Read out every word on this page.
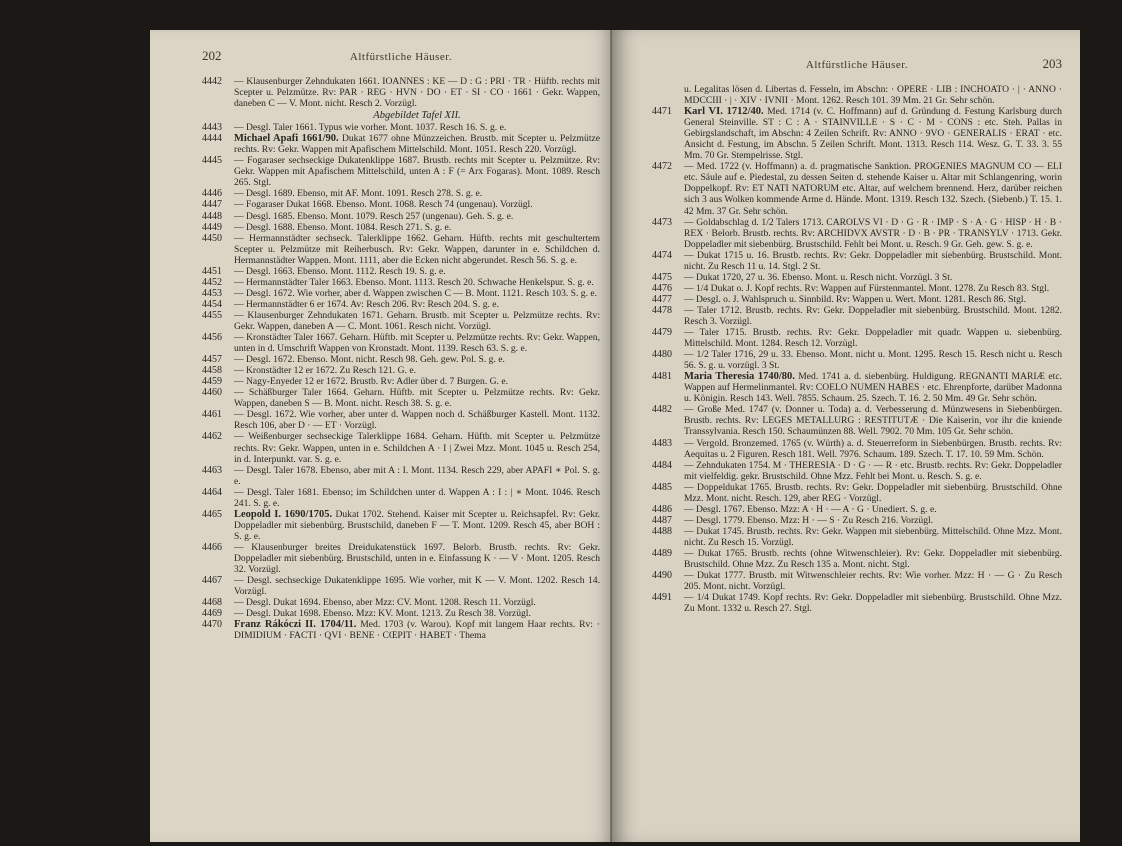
202	Altfürstliche Häuser.
4442	— Klausenburger Zehndukaten 1661. IOANNES : KE — D : G : PRI · TR · Hüftb. rechts mit Scepter u. Pelzmütze. Rv: PAR · REG · HVN · DO · ET · SI · CO · 1661 · Gekr. Wappen, daneben C — V. Mont. nicht. Resch 2. Vorzügl.
Abgebildet Tafel XII.
4443	— Desgl. Taler 1661. Typus wie vorher. Mont. 1037. Resch 16. S. g. e.
4444	Michael Apafi 1661/90. Dukat 1677 ohne Münzzeichen. Brustb. mit Scepter u. Pelzmütze rechts. Rv: Gekr. Wappen mit Apafischem Mittelschild. Mont. 1051. Resch 220. Vorzügl.
4445	— Fogaraser sechseckige Dukatenklippe 1687. Brustb. rechts mit Scepter u. Pelzmütze. Rv: Gekr. Wappen mit Apafischem Mittelschild, unten A : F (= Arx Fogaras). Mont. 1089. Resch 265. Stgl.
4446	— Desgl. 1689. Ebenso, mit AF. Mont. 1091. Resch 278. S. g. e.
4447	— Fogaraser Dukat 1668. Ebenso. Mont. 1068. Resch 74 (ungenau). Vorzügl.
4448	— Desgl. 1685. Ebenso. Mont. 1079. Resch 257 (ungenau). Geh. S. g. e.
4449	— Desgl. 1688. Ebenso. Mont. 1084. Resch 271. S. g. e.
4450	— Hermannstädter sechseck. Talerklippe 1662. Geharn. Hüftb. rechts mit geschultertem Scepter u. Pelzmütze mit Reiherbusch. Rv: Gekr. Wappen, darunter in e. Schildchen d. Hermannstädter Wappen. Mont. 1111, aber die Ecken nicht abgerundet. Resch 56. S. g. e.
4451	— Desgl. 1663. Ebenso. Mont. 1112. Resch 19. S. g. e.
4452	— Hermannstädter Taler 1663. Ebenso. Mont. 1113. Resch 20. Schwache Henkelspur. S. g. e.
4453	— Desgl. 1672. Wie vorher, aber d. Wappen zwischen C — B. Mont. 1121. Resch 103. S. g. e.
4454	— Hermannstädter 6 er 1674. Av: Resch 206. Rv: Resch 204. S. g. e.
4455	— Klausenburger Zehndukaten 1671. Geharn. Brustb. mit Scepter u. Pelzmütze rechts. Rv: Gekr. Wappen, daneben A — C. Mont. 1061. Resch nicht. Vorzügl.
4456	— Kronstädter Taler 1667. Geharn. Hüftb. mit Scepter u. Pelzmütze rechts. Rv: Gekr. Wappen, unten in d. Umschrift Wappen von Kronstadt. Mont. 1139. Resch 63. S. g. e.
4457	— Desgl. 1672. Ebenso. Mont. nicht. Resch 98. Geh. gew. Pol. S. g. e.
4458	— Kronstädter 12 er 1672. Zu Resch 121. G. e.
4459	— Nagy-Enyeder 12 er 1672. Brustb. Rv: Adler über d. 7 Burgen. G. e.
4460	— Schäßburger Taler 1664. Geharn. Hüftb. mit Scepter u. Pelzmütze rechts. Rv: Gekr. Wappen, daneben S — B. Mont. nicht. Resch 38. S. g. e.
4461	— Desgl. 1672. Wie vorher, aber unter d. Wappen noch d. Schäßburger Kastell. Mont. 1132. Resch 106, aber D · — ET · Vorzügl.
4462	— Weißenburger sechseckige Talerklippe 1684. Geharn. Hüftb. mit Scepter u. Pelzmütze rechts. Rv: Gekr. Wappen, unten in e. Schildchen A · I | Zwei Mzz. Mont. 1045 u. Resch 254, in d. Interpunkt. var. S. g. e.
4463	— Desgl. Taler 1678. Ebenso, aber mit A : I. Mont. 1134. Resch 229, aber APAFI ∗ Pol. S. g. e.
4464	— Desgl. Taler 1681. Ebenso; im Schildchen unter d. Wappen A : I : | ∗ Mont. 1046. Resch 241. S. g. e.
4465	Leopold I. 1690/1705. Dukat 1702. Stehend. Kaiser mit Scepter u. Reichsapfel. Rv: Gekr. Doppeladler mit siebenbürg. Brustschild, daneben F — T. Mont. 1209. Resch 45, aber BOH : S. g. e.
4466	— Klausenburger breites Dreidukatenstück 1697. Belorb. Brustb. rechts. Rv: Gekr. Doppeladler mit siebenbürg. Brustschild, unten in e. Einfassung K · — V · Mont. 1205. Resch 32. Vorzügl.
4467	— Desgl. sechseckige Dukatenklippe 1695. Wie vorher, mit K — V. Mont. 1202. Resch 14. Vorzügl.
4468	— Desgl. Dukat 1694. Ebenso, aber Mzz: CV. Mont. 1208. Resch 11. Vorzügl.
4469	— Desgl. Dukat 1698. Ebenso. Mzz: KV. Mont. 1213. Zu Resch 38. Vorzügl.
4470	Franz Rákóczi II. 1704/11. Med. 1703 (v. Warou). Kopf mit langem Haar rechts. Rv: · DIMIDIUM · FACTI · QVI · BENE · CŒPIT · HABET · Thema
Altfürstliche Häuser.	203
u. Legalitas lösen d. Libertas d. Fesseln, im Abschn: · OPERE · LIB : INCHOATO · | · ANNO · MDCCIII · | · XIV · IVNII · Mont. 1262. Resch 101. 39 Mm. 21 Gr. Sehr schön.
4471	Karl VI. 1712/40. Med. 1714 (v. C. Hoffmann) auf d. Gründung d. Festung Karlsburg durch General Steinville. ST : C : A · STAINVILLE · S · C · M · CONS : etc. Steh. Pallas in Gebirgslandschaft, im Abschn: 4 Zeilen Schrift. Rv: ANNO · 9VO · GENERALIS · ERAT · etc. Ansicht d. Festung, im Abschn. 5 Zeilen Schrift. Mont. 1313. Resch 114. Wesz. G. T. 33. 3. 55 Mm. 70 Gr. Stempelrisse. Stgl.
4472	— Med. 1722 (v. Hoffmann) a. d. pragmatische Sanktion. PROGENIES MAGNUM CO — ELI etc. Säule auf e. Piedestal, zu dessen Seiten d. stehende Kaiser u. Altar mit Schlangenring, worin Doppelkopf. Rv: ET NATI NATORUM etc. Altar, auf welchem brennend. Herz, darüber reichen sich 3 aus Wolken kommende Arme d. Hände. Mont. 1319. Resch 132. Szech. (Siebenb.) T. 15. 1. 42 Mm. 37 Gr. Sehr schön.
4473	— Goldabschlag d. 1/2 Talers 1713. CAROLVS VI · D · G · R · IMP · S · A · G · HISP · H · B · REX · Belorb. Brustb. rechts. Rv: ARCHIDVX AVSTR · D · B · PR · TRANSYLV · 1713. Gekr. Doppeladler mit siebenbürg. Brustschild. Fehlt bei Mont. u. Resch. 9 Gr. Geh. gew. S. g. e.
4474	— Dukat 1715 u. 16. Brustb. rechts. Rv: Gekr. Doppeladler mit siebenbürg. Brustschild. Mont. nicht. Zu Resch 11 u. 14. Stgl. 2 St.
4475	— Dukat 1720, 27 u. 36. Ebenso. Mont. u. Resch nicht. Vorzügl. 3 St.
4476	— 1/4 Dukat o. J. Kopf rechts. Rv: Wappen auf Fürstenmantel. Mont. 1278. Zu Resch 83. Stgl.
4477	— Desgl. o. J. Wahlspruch u. Sinnbild. Rv: Wappen u. Wert. Mont. 1281. Resch 86. Stgl.
4478	— Taler 1712. Brustb. rechts. Rv: Gekr. Doppeladler mit siebenbürg. Brustschild. Mont. 1282. Resch 3. Vorzügl.
4479	— Taler 1715. Brustb. rechts. Rv: Gekr. Doppeladler mit quadr. Wappen u. siebenbürg. Mittelschild. Mont. 1284. Resch 12. Vorzügl.
4480	— 1/2 Taler 1716, 29 u. 33. Ebenso. Mont. nicht u. Mont. 1295. Resch 15. Resch nicht u. Resch 56. S. g. u. vorzügl. 3 St.
4481	Maria Theresia 1740/80. Med. 1741 a. d. siebenbürg. Huldigung. REGNANTI MARIÆ etc. Wappen auf Hermelinmantel. Rv: COELO NUMEN HABES · etc. Ehrenpforte, darüber Madonna u. Königin. Resch 143. Well. 7855. Schaum. 25. Szech. T. 16. 2. 50 Mm. 49 Gr. Sehr schön.
4482	— Große Med. 1747 (v. Donner u. Toda) a. d. Verbesserung d. Münzwesens in Siebenbürgen. Brustb. rechts. Rv: LEGES METALLURG : RESTITUTÆ · Die Kaiserin, vor ihr die kniende Transsylvania. Resch 150. Schaumünzen 88. Well. 7902. 70 Mm. 105 Gr. Sehr schön.
4483	— Vergold. Bronzemed. 1765 (v. Würth) a. d. Steuerreform in Siebenbürgen. Brustb. rechts. Rv: Aequitas u. 2 Figuren. Resch 181. Well. 7976. Schaum. 189. Szech. T. 17. 10. 59 Mm. Schön.
4484	— Zehndukaten 1754. M · THERESIA · D · G · — R · etc. Brustb. rechts. Rv: Gekr. Doppeladler mit vielfeldig. gekr. Brustschild. Ohne Mzz. Fehlt bei Mont. u. Resch. S. g. e.
4485	— Doppeldukat 1765. Brustb. rechts. Rv: Gekr. Doppeladler mit siebenbürg. Brustschild. Ohne Mzz. Mont. nicht. Resch. 129, aber REG · Vorzügl.
4486	— Desgl. 1767. Ebenso. Mzz: A · H · — A · G · Unediert. S. g. e.
4487	— Desgl. 1779. Ebenso. Mzz: H · — S · Zu Resch 216. Vorzügl.
4488	— Dukat 1745. Brustb. rechts. Rv: Gekr. Wappen mit siebenbürg. Mittelschild. Ohne Mzz. Mont. nicht. Zu Resch 15. Vorzügl.
4489	— Dukat 1765. Brustb. rechts (ohne Witwenschleier). Rv: Gekr. Doppeladler mit siebenbürg. Brustschild. Ohne Mzz. Zu Resch 135 a. Mont. nicht. Stgl.
4490	— Dukat 1777. Brustb. mit Witwenschleier rechts. Rv: Wie vorher. Mzz: H · — G · Zu Resch 205. Mont. nicht. Vorzügl.
4491	— 1/4 Dukat 1749. Kopf rechts. Rv: Gekr. Doppeladler mit siebenbürg. Brustschild. Ohne Mzz. Zu Mont. 1332 u. Resch 27. Stgl.
